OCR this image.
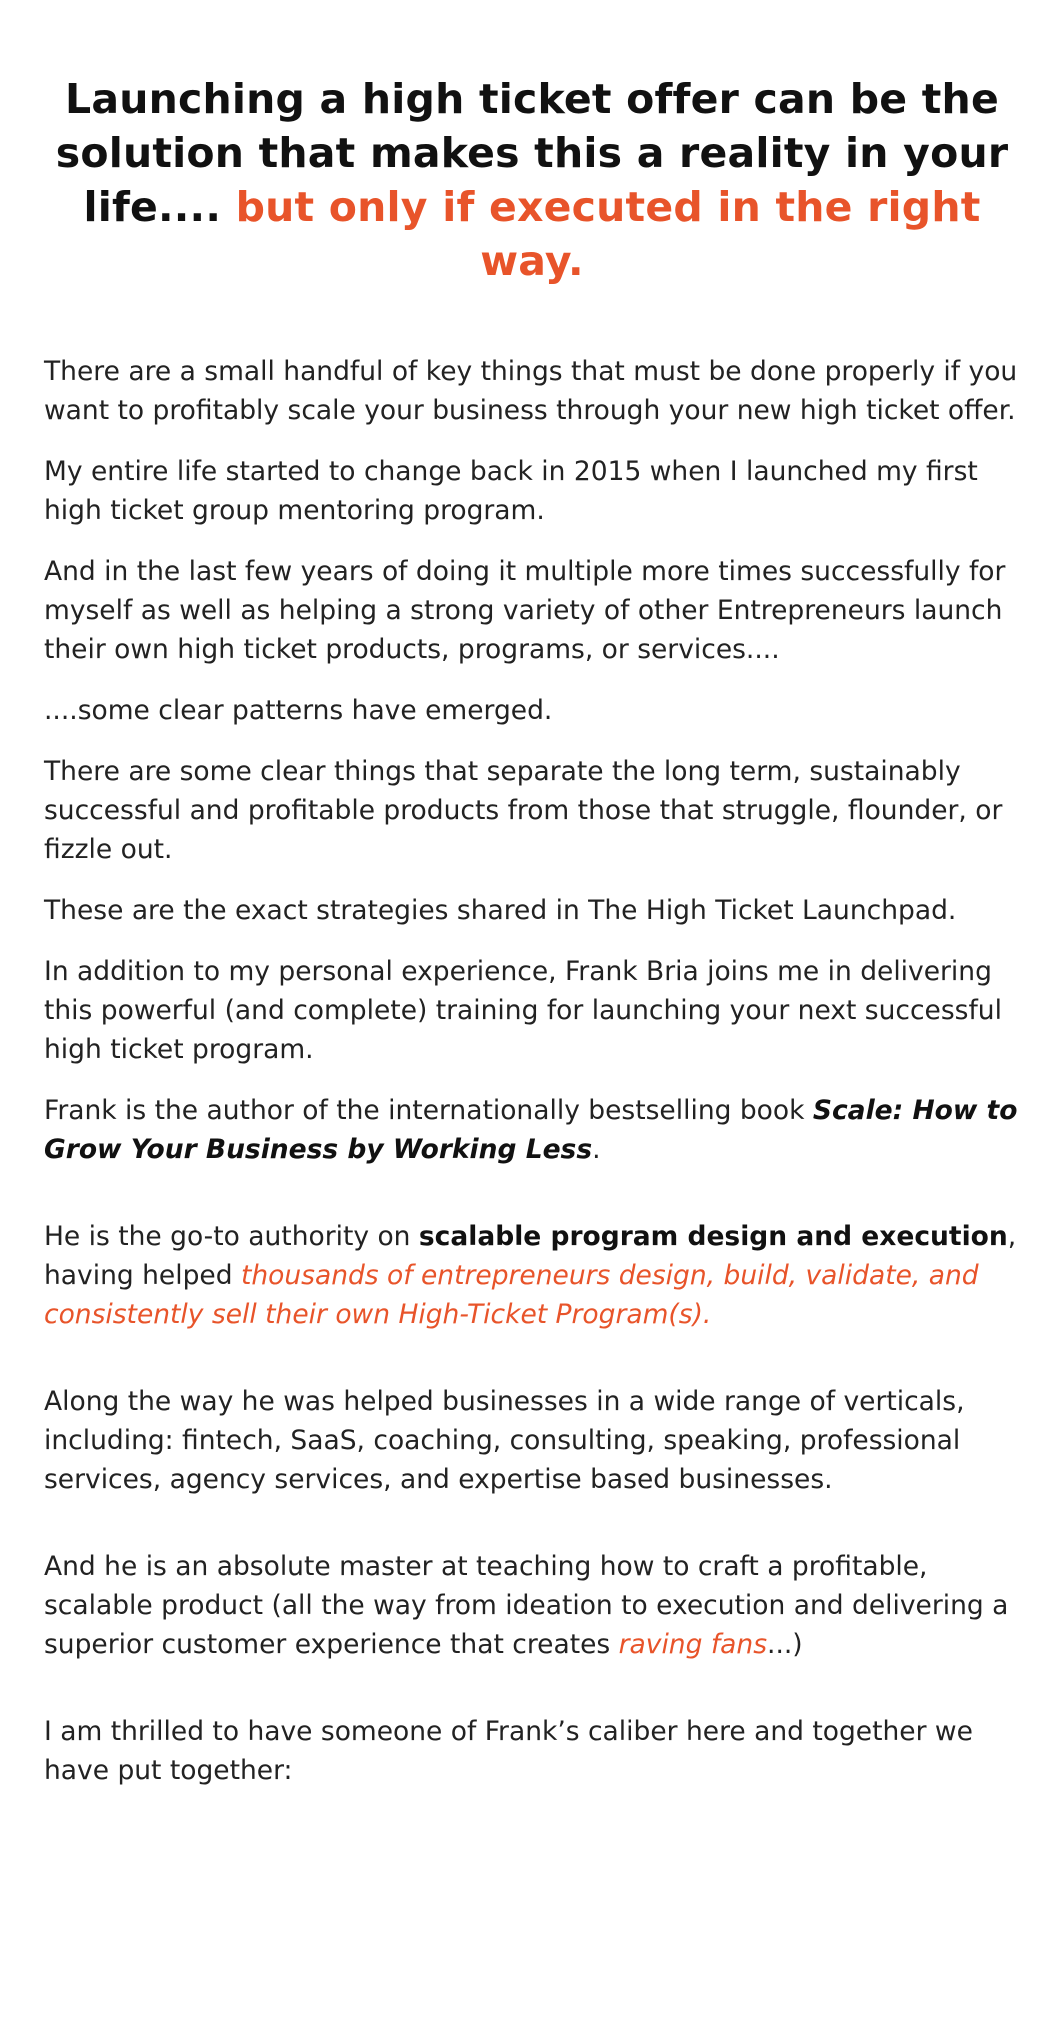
Launching a high ticket offer can be the solution that makes this a reality in your life.... but only if executed in the right way.

There are a small handful of key things that must be done properly if you want to profitably scale your business through your new high ticket offer.

My entire life started to change back in 2015 when I launched my first high ticket group mentoring program.

And in the last few years of doing it multiple more times successfully for myself as well as helping a strong variety of other Entrepreneurs launch their own high ticket products, programs, or services....

....some clear patterns have emerged.

There are some clear things that separate the long term, sustainably successful and profitable products from those that struggle, flounder, or fizzle out.

These are the exact strategies shared in The High Ticket Launchpad.

In addition to my personal experience, Frank Bria joins me in delivering this powerful (and complete) training for launching your next successful high ticket program.

Frank is the author of the internationally bestselling book Scale: How to Grow Your Business by Working Less.

He is the go-to authority on scalable program design and execution, having helped thousands of entrepreneurs design, build, validate, and consistently sell their own High-Ticket Program(s).

Along the way he was helped businesses in a wide range of verticals, including: fintech, SaaS, coaching, consulting, speaking, professional services, agency services, and expertise based businesses.

And he is an absolute master at teaching how to craft a profitable, scalable product (all the way from ideation to execution and delivering a superior customer experience that creates raving fans...)

I am thrilled to have someone of Frank’s caliber here and together we have put together:
